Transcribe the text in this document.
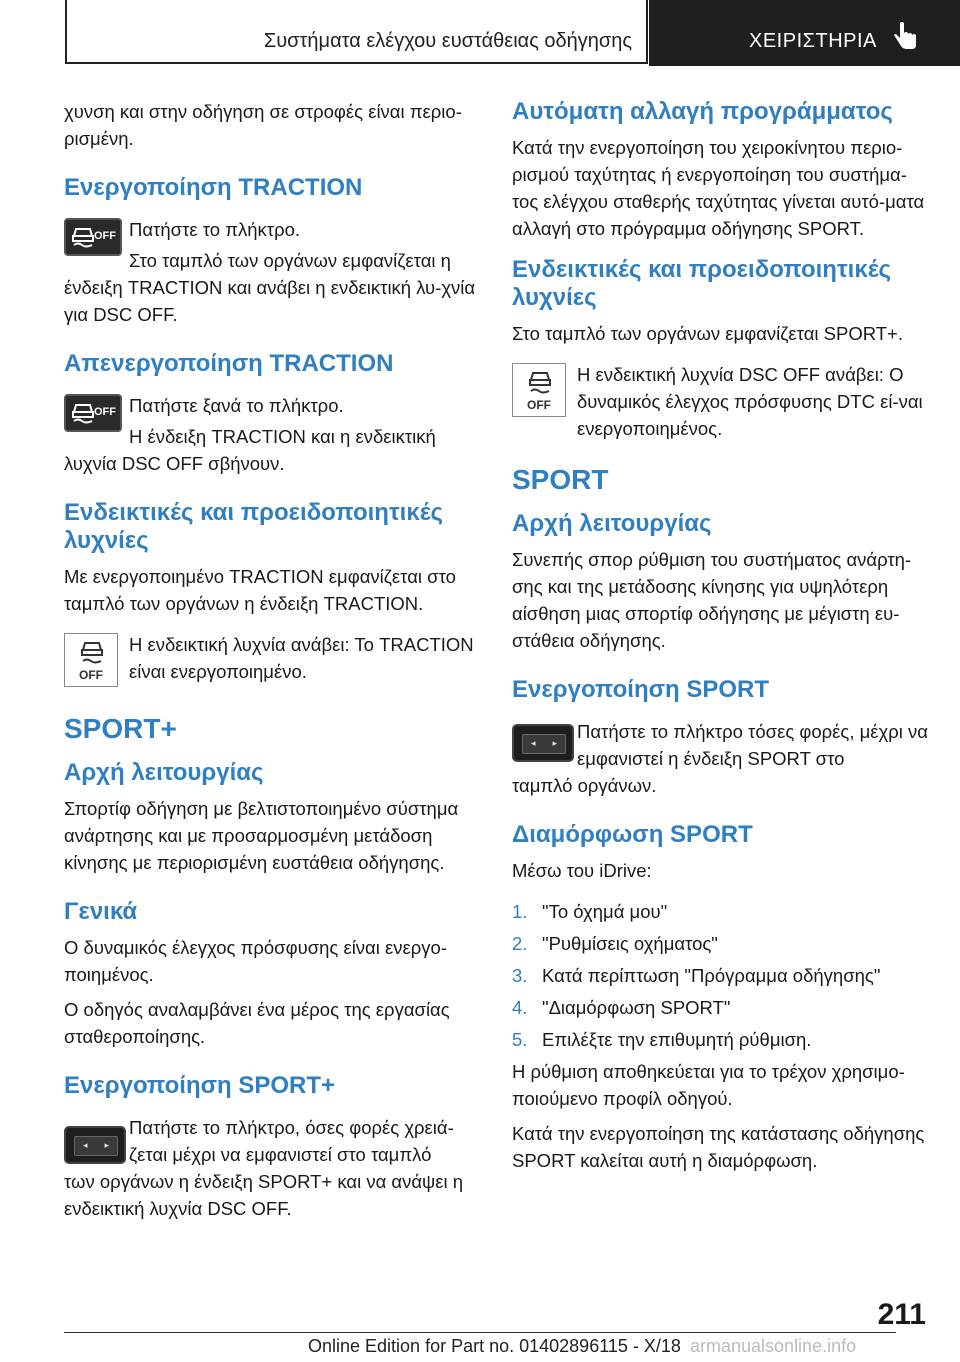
Συστήματα ελέγχου ευστάθειας οδήγησης	ΧΕΙΡΙΣΤΗΡΙΑ

χυνση και στην οδήγηση σε στροφές είναι περιο-ρισμένη.

Ενεργοποίηση TRACTION
OFF Πατήστε το πλήκτρο.

Στο ταμπλό των οργάνων εμφανίζεται η

ένδειξη TRACTION και ανάβει η ενδεικτική λυ-χνία για DSC OFF.

Απενεργοποίηση TRACTION
OFF Πατήστε ξανά το πλήκτρο.

Η ένδειξη TRACTION και η ενδεικτική

λυχνία DSC OFF σβήνουν.

Ενδεικτικές και προειδοποιητικές λυχνίες

Με ενεργοποιημένο TRACTION εμφανίζεται στο ταμπλό των οργάνων η ένδειξη TRACTION.

OFF

Η ενδεικτική λυχνία ανάβει: Το TRACTION είναι ενεργοποιημένο.

SPORT+
Αρχή λειτουργίας

Σπορτίφ οδήγηση με βελτιστοποιημένο σύστημα ανάρτησης και με προσαρμοσμένη μετάδοση κίνησης με περιορισμένη ευστάθεια οδήγησης.

Γενικά

Ο δυναμικός έλεγχος πρόσφυσης είναι ενεργο-ποιημένος.

Ο οδηγός αναλαμβάνει ένα μέρος της εργασίας σταθεροποίησης.

Ενεργοποίηση SPORT+
◂ ▸

Πατήστε το πλήκτρο, όσες φορές χρειά-ζεται μέχρι να εμφανιστεί στο ταμπλό

των οργάνων η ένδειξη SPORT+ και να ανάψει η ενδεικτική λυχνία DSC OFF.

Αυτόματη αλλαγή προγράμματος

Κατά την ενεργοποίηση του χειροκίνητου περιο-ρισμού ταχύτητας ή ενεργοποίηση του συστήμα-τος ελέγχου σταθερής ταχύτητας γίνεται αυτό-ματα αλλαγή στο πρόγραμμα οδήγησης SPORT.

Ενδεικτικές και προειδοποιητικές λυχνίες

Στο ταμπλό των οργάνων εμφανίζεται SPORT+.

OFF

Η ενδεικτική λυχνία DSC OFF ανάβει: Ο δυναμικός έλεγχος πρόσφυσης DTC εί-ναι ενεργοποιημένος.

SPORT
Αρχή λειτουργίας

Συνεπής σπορ ρύθμιση του συστήματος ανάρτη-σης και της μετάδοσης κίνησης για υψηλότερη αίσθηση μιας σπορτίφ οδήγησης με μέγιστη ευ-στάθεια οδήγησης.

Ενεργοποίηση SPORT
◂ ▸

Πατήστε το πλήκτρο τόσες φορές, μέχρι να εμφανιστεί η ένδειξη SPORT στο

ταμπλό οργάνων.

Διαμόρφωση SPORT

Μέσω του iDrive:

1. "Το όχημά μου"
2. "Ρυθμίσεις οχήματος"
3. Κατά περίπτωση "Πρόγραμμα οδήγησης"
4. "Διαμόρφωση SPORT"
5. Επιλέξτε την επιθυμητή ρύθμιση.

Η ρύθμιση αποθηκεύεται για το τρέχον χρησιμο-ποιούμενο προφίλ οδηγού.

Κατά την ενεργοποίηση της κατάστασης οδήγησης SPORT καλείται αυτή η διαμόρφωση.

211
Online Edition for Part no. 01402896115 - X/18 armanualsonline.info
